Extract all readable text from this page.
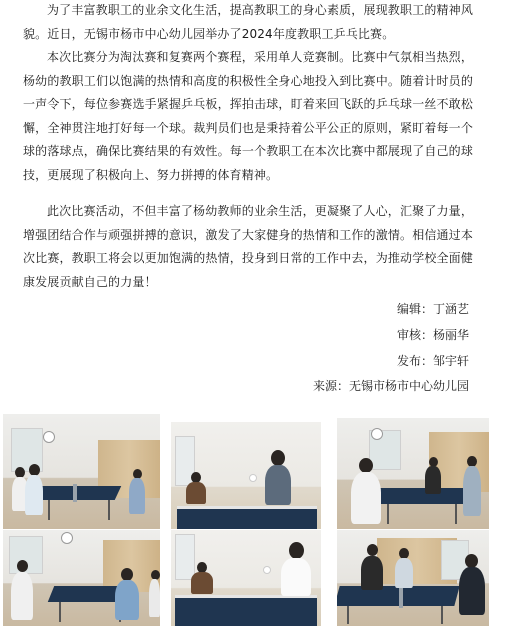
为了丰富教职工的业余文化生活，提高教职工的身心素质，展现教职工的精神风貌。近日，无锡市杨市中心幼儿园举办了2024年度教职工乒乓比赛。

本次比赛分为淘汰赛和复赛两个赛程，采用单人竞赛制。比赛中气氛相当热烈，杨幼的教职工们以饱满的热情和高度的积极性全身心地投入到比赛中。随着计时员的一声令下，每位参赛选手紧握乒乓板，挥拍击球，盯着来回飞跃的乒乓球一丝不敢松懈，全神贯注地打好每一个球。裁判员们也是秉持着公平公正的原则，紧盯着每一个球的落球点，确保比赛结果的有效性。每一个教职工在本次比赛中都展现了自己的球技，更展现了积极向上、努力拼搏的体育精神。

此次比赛活动，不但丰富了杨幼教师的业余生活，更凝聚了人心，汇聚了力量，增强团结合作与顽强拼搏的意识，激发了大家健身的热情和工作的激情。相信通过本次比赛，教职工将会以更加饱满的热情，投身到日常的工作中去，为推动学校全面健康发展贡献自己的力量！

编辑：丁涵艺
审核：杨丽华
发布：邹宇轩
来源：无锡市杨市中心幼儿园
